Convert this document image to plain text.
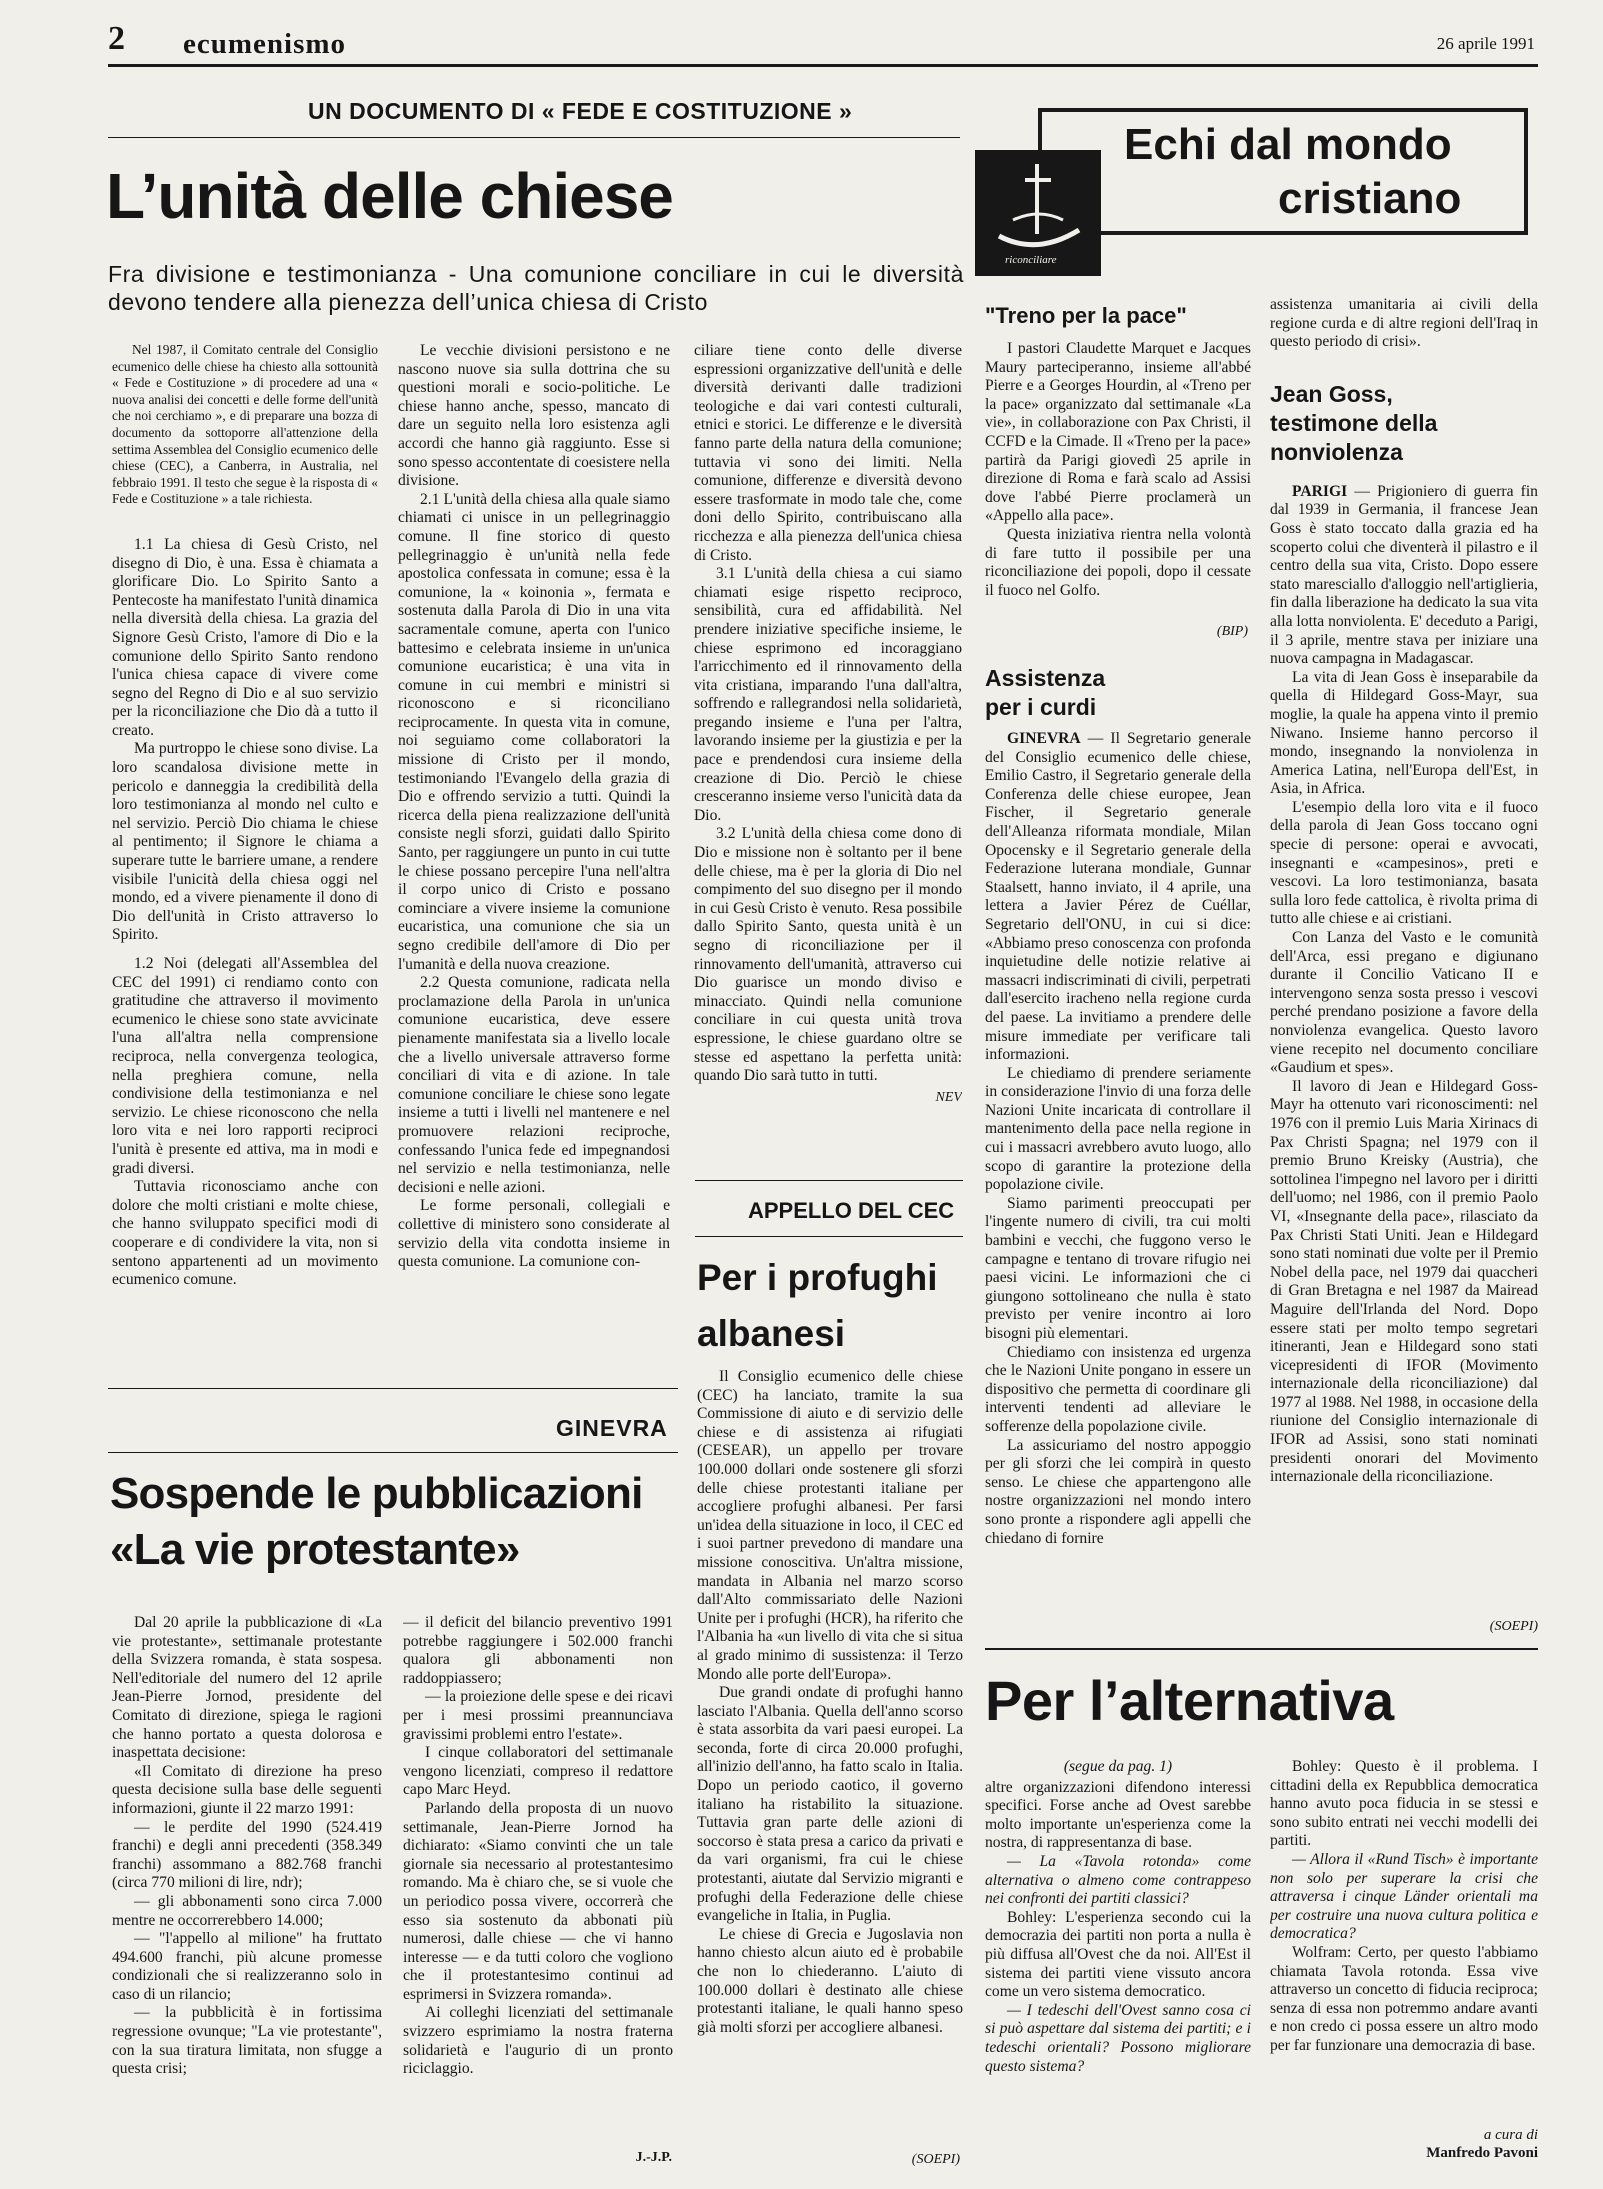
2 ecumenismo	26 aprile 1991
UN DOCUMENTO DI « FEDE E COSTITUZIONE »
L’unità delle chiese
Fra divisione e testimonianza - Una comunione conciliare in cui le diversità devono tendere alla pienezza dell’unica chiesa di Cristo

Nel 1987, il Comitato centrale del Consiglio ecumenico delle chiese ha chiesto alla sottounità « Fede e Costituzione » di procedere ad una « nuova analisi dei concetti e delle forme dell'unità che noi cerchiamo », e di preparare una bozza di documento da sottoporre all'attenzione della settima Assemblea del Consiglio ecumenico delle chiese (CEC), a Canberra, in Australia, nel febbraio 1991. Il testo che segue è la risposta di « Fede e Costituzione » a tale richiesta.

1.1 La chiesa di Gesù Cristo, nel disegno di Dio, è una. Essa è chiamata a glorificare Dio. Lo Spirito Santo a Pentecoste ha manifestato l'unità dinamica nella diversità della chiesa. La grazia del Signore Gesù Cristo, l'amore di Dio e la comunione dello Spirito Santo rendono l'unica chiesa capace di vivere come segno del Regno di Dio e al suo servizio per la riconciliazione che Dio dà a tutto il creato.

Ma purtroppo le chiese sono divise. La loro scandalosa divisione mette in pericolo e danneggia la credibilità della loro testimonianza al mondo nel culto e nel servizio. Perciò Dio chiama le chiese al pentimento; il Signore le chiama a superare tutte le barriere umane, a rendere visibile l'unicità della chiesa oggi nel mondo, ed a vivere pienamente il dono di Dio dell'unità in Cristo attraverso lo Spirito.

1.2 Noi (delegati all'Assemblea del CEC del 1991) ci rendiamo conto con gratitudine che attraverso il movimento ecumenico le chiese sono state avvicinate l'una all'altra nella comprensione reciproca, nella convergenza teologica, nella preghiera comune, nella condivisione della testimonianza e nel servizio. Le chiese riconoscono che nella loro vita e nei loro rapporti reciproci l'unità è presente ed attiva, ma in modi e gradi diversi.

Tuttavia riconosciamo anche con dolore che molti cristiani e molte chiese, che hanno sviluppato specifici modi di cooperare e di condividere la vita, non si sentono appartenenti ad un movimento ecumenico comune.

Le vecchie divisioni persistono e ne nascono nuove sia sulla dottrina che su questioni morali e socio-politiche. Le chiese hanno anche, spesso, mancato di dare un seguito nella loro esistenza agli accordi che hanno già raggiunto. Esse si sono spesso accontentate di coesistere nella divisione.

2.1 L'unità della chiesa alla quale siamo chiamati ci unisce in un pellegrinaggio comune. Il fine storico di questo pellegrinaggio è un'unità nella fede apostolica confessata in comune; essa è la comunione, la « koinonia », fermata e sostenuta dalla Parola di Dio in una vita sacramentale comune, aperta con l'unico battesimo e celebrata insieme in un'unica comunione eucaristica; è una vita in comune in cui membri e ministri si riconoscono e si riconciliano reciprocamente. In questa vita in comune, noi seguiamo come collaboratori la missione di Cristo per il mondo, testimoniando l'Evangelo della grazia di Dio e offrendo servizio a tutti. Quindi la ricerca della piena realizzazione dell'unità consiste negli sforzi, guidati dallo Spirito Santo, per raggiungere un punto in cui tutte le chiese possano percepire l'una nell'altra il corpo unico di Cristo e possano cominciare a vivere insieme la comunione eucaristica, una comunione che sia un segno credibile dell'amore di Dio per l'umanità e della nuova creazione.

2.2 Questa comunione, radicata nella proclamazione della Parola in un'unica comunione eucaristica, deve essere pienamente manifestata sia a livello locale che a livello universale attraverso forme conciliari di vita e di azione. In tale comunione conciliare le chiese sono legate insieme a tutti i livelli nel mantenere e nel promuovere relazioni reciproche, confessando l'unica fede ed impegnandosi nel servizio e nella testimonianza, nelle decisioni e nelle azioni.

Le forme personali, collegiali e collettive di ministero sono considerate al servizio della vita condotta insieme in questa comunione. La comunione con-

ciliare tiene conto delle diverse espressioni organizzative dell'unità e delle diversità derivanti dalle tradizioni teologiche e dai vari contesti culturali, etnici e storici. Le differenze e le diversità fanno parte della natura della comunione; tuttavia vi sono dei limiti. Nella comunione, differenze e diversità devono essere trasformate in modo tale che, come doni dello Spirito, contribuiscano alla ricchezza e alla pienezza dell'unica chiesa di Cristo.

3.1 L'unità della chiesa a cui siamo chiamati esige rispetto reciproco, sensibilità, cura ed affidabilità. Nel prendere iniziative specifiche insieme, le chiese esprimono ed incoraggiano l'arricchimento ed il rinnovamento della vita cristiana, imparando l'una dall'altra, soffrendo e rallegrandosi nella solidarietà, pregando insieme e l'una per l'altra, lavorando insieme per la giustizia e per la pace e prendendosi cura insieme della creazione di Dio. Perciò le chiese cresceranno insieme verso l'unicità data da Dio.

3.2 L'unità della chiesa come dono di Dio e missione non è soltanto per il bene delle chiese, ma è per la gloria di Dio nel compimento del suo disegno per il mondo in cui Gesù Cristo è venuto. Resa possibile dallo Spirito Santo, questa unità è un segno di riconciliazione per il rinnovamento dell'umanità, attraverso cui Dio guarisce un mondo diviso e minacciato. Quindi nella comunione conciliare in cui questa unità trova espressione, le chiese guardano oltre se stesse ed aspettano la perfetta unità: quando Dio sarà tutto in tutti.

NEV
GINEVRA
Sospende le pubblicazioni
«La vie protestante»

Dal 20 aprile la pubblicazione di «La vie protestante», settimanale protestante della Svizzera romanda, è stata sospesa. Nell'editoriale del numero del 12 aprile Jean-Pierre Jornod, presidente del Comitato di direzione, spiega le ragioni che hanno portato a questa dolorosa e inaspettata decisione:

«Il Comitato di direzione ha preso questa decisione sulla base delle seguenti informazioni, giunte il 22 marzo 1991:

— le perdite del 1990 (524.419 franchi) e degli anni precedenti (358.349 franchi) assommano a 882.768 franchi (circa 770 milioni di lire, ndr);

— gli abbonamenti sono circa 7.000 mentre ne occorrerebbero 14.000;

— "l'appello al milione" ha fruttato 494.600 franchi, più alcune promesse condizionali che si realizzeranno solo in caso di un rilancio;

— la pubblicità è in fortissima regressione ovunque; "La vie protestante", con la sua tiratura limitata, non sfugge a questa crisi;

— il deficit del bilancio preventivo 1991 potrebbe raggiungere i 502.000 franchi qualora gli abbonamenti non raddoppiassero;

— la proiezione delle spese e dei ricavi per i mesi prossimi preannunciava gravissimi problemi entro l'estate».

I cinque collaboratori del settimanale vengono licenziati, compreso il redattore capo Marc Heyd.

Parlando della proposta di un nuovo settimanale, Jean-Pierre Jornod ha dichiarato: «Siamo convinti che un tale giornale sia necessario al protestantesimo romando. Ma è chiaro che, se si vuole che un periodico possa vivere, occorrerà che esso sia sostenuto da abbonati più numerosi, dalle chiese — che vi hanno interesse — e da tutti coloro che vogliono che il protestantesimo continui ad esprimersi in Svizzera romanda».

Ai colleghi licenziati del settimanale svizzero esprimiamo la nostra fraterna solidarietà e l'augurio di un pronto riciclaggio.

J.-J.P.
APPELLO DEL CEC
Per i profughi
albanesi

Il Consiglio ecumenico delle chiese (CEC) ha lanciato, tramite la sua Commissione di aiuto e di servizio delle chiese e di assistenza ai rifugiati (CESEAR), un appello per trovare 100.000 dollari onde sostenere gli sforzi delle chiese protestanti italiane per accogliere profughi albanesi. Per farsi un'idea della situazione in loco, il CEC ed i suoi partner prevedono di mandare una missione conoscitiva. Un'altra missione, mandata in Albania nel marzo scorso dall'Alto commissariato delle Nazioni Unite per i profughi (HCR), ha riferito che l'Albania ha «un livello di vita che si situa al grado minimo di sussistenza: il Terzo Mondo alle porte dell'Europa».

Due grandi ondate di profughi hanno lasciato l'Albania. Quella dell'anno scorso è stata assorbita da vari paesi europei. La seconda, forte di circa 20.000 profughi, all'inizio dell'anno, ha fatto scalo in Italia. Dopo un periodo caotico, il governo italiano ha ristabilito la situazione. Tuttavia gran parte delle azioni di soccorso è stata presa a carico da privati e da vari organismi, fra cui le chiese protestanti, aiutate dal Servizio migranti e profughi della Federazione delle chiese evangeliche in Italia, in Puglia.

Le chiese di Grecia e Jugoslavia non hanno chiesto alcun aiuto ed è probabile che non lo chiederanno. L'aiuto di 100.000 dollari è destinato alle chiese protestanti italiane, le quali hanno speso già molti sforzi per accogliere albanesi.

(SOEPI)
riconciliare
Echi dal mondo
cristiano
"Treno per la pace"

I pastori Claudette Marquet e Jacques Maury parteciperanno, insieme all'abbé Pierre e a Georges Hourdin, al «Treno per la pace» organizzato dal settimanale «La vie», in collaborazione con Pax Christi, il CCFD e la Cimade. Il «Treno per la pace» partirà da Parigi giovedì 25 aprile in direzione di Roma e farà scalo ad Assisi dove l'abbé Pierre proclamerà un «Appello alla pace».

Questa iniziativa rientra nella volontà di fare tutto il possibile per una riconciliazione dei popoli, dopo il cessate il fuoco nel Golfo.

(BIP)
Assistenza
per i curdi

GINEVRA — Il Segretario generale del Consiglio ecumenico delle chiese, Emilio Castro, il Segretario generale della Conferenza delle chiese europee, Jean Fischer, il Segretario generale dell'Alleanza riformata mondiale, Milan Opocensky e il Segretario generale della Federazione luterana mondiale, Gunnar Staalsett, hanno inviato, il 4 aprile, una lettera a Javier Pérez de Cuéllar, Segretario dell'ONU, in cui si dice: «Abbiamo preso conoscenza con profonda inquietudine delle notizie relative ai massacri indiscriminati di civili, perpetrati dall'esercito iracheno nella regione curda del paese. La invitiamo a prendere delle misure immediate per verificare tali informazioni.

Le chiediamo di prendere seriamente in considerazione l'invio di una forza delle Nazioni Unite incaricata di controllare il mantenimento della pace nella regione in cui i massacri avrebbero avuto luogo, allo scopo di garantire la protezione della popolazione civile.

Siamo parimenti preoccupati per l'ingente numero di civili, tra cui molti bambini e vecchi, che fuggono verso le campagne e tentano di trovare rifugio nei paesi vicini. Le informazioni che ci giungono sottolineano che nulla è stato previsto per venire incontro ai loro bisogni più elementari.

Chiediamo con insistenza ed urgenza che le Nazioni Unite pongano in essere un dispositivo che permetta di coordinare gli interventi tendenti ad alleviare le sofferenze della popolazione civile.

La assicuriamo del nostro appoggio per gli sforzi che lei compirà in questo senso. Le chiese che appartengono alle nostre organizzazioni nel mondo intero sono pronte a rispondere agli appelli che chiedano di fornire

assistenza umanitaria ai civili della regione curda e di altre regioni dell'Iraq in questo periodo di crisi».

Jean Goss,
testimone della
nonviolenza

PARIGI — Prigioniero di guerra fin dal 1939 in Germania, il francese Jean Goss è stato toccato dalla grazia ed ha scoperto colui che diventerà il pilastro e il centro della sua vita, Cristo. Dopo essere stato maresciallo d'alloggio nell'artiglieria, fin dalla liberazione ha dedicato la sua vita alla lotta nonviolenta. E' deceduto a Parigi, il 3 aprile, mentre stava per iniziare una nuova campagna in Madagascar.

La vita di Jean Goss è inseparabile da quella di Hildegard Goss-Mayr, sua moglie, la quale ha appena vinto il premio Niwano. Insieme hanno percorso il mondo, insegnando la nonviolenza in America Latina, nell'Europa dell'Est, in Asia, in Africa.

L'esempio della loro vita e il fuoco della parola di Jean Goss toccano ogni specie di persone: operai e avvocati, insegnanti e «campesinos», preti e vescovi. La loro testimonianza, basata sulla loro fede cattolica, è rivolta prima di tutto alle chiese e ai cristiani.

Con Lanza del Vasto e le comunità dell'Arca, essi pregano e digiunano durante il Concilio Vaticano II e intervengono senza sosta presso i vescovi perché prendano posizione a favore della nonviolenza evangelica. Questo lavoro viene recepito nel documento conciliare «Gaudium et spes».

Il lavoro di Jean e Hildegard Goss-Mayr ha ottenuto vari riconoscimenti: nel 1976 con il premio Luis Maria Xirinacs di Pax Christi Spagna; nel 1979 con il premio Bruno Kreisky (Austria), che sottolinea l'impegno nel lavoro per i diritti dell'uomo; nel 1986, con il premio Paolo VI, «Insegnante della pace», rilasciato da Pax Christi Stati Uniti. Jean e Hildegard sono stati nominati due volte per il Premio Nobel della pace, nel 1979 dai quaccheri di Gran Bretagna e nel 1987 da Mairead Maguire dell'Irlanda del Nord. Dopo essere stati per molto tempo segretari itineranti, Jean e Hildegard sono stati vicepresidenti di IFOR (Movimento internazionale della riconciliazione) dal 1977 al 1988. Nel 1988, in occasione della riunione del Consiglio internazionale di IFOR ad Assisi, sono stati nominati presidenti onorari del Movimento internazionale della riconciliazione.

(SOEPI)
Per l’alternativa
(segue da pag. 1)

altre organizzazioni difendono interessi specifici. Forse anche ad Ovest sarebbe molto importante un'esperienza come la nostra, di rappresentanza di base.

— La «Tavola rotonda» come alternativa o almeno come contrappeso nei confronti dei partiti classici?

Bohley: L'esperienza secondo cui la democrazia dei partiti non porta a nulla è più diffusa all'Ovest che da noi. All'Est il sistema dei partiti viene vissuto ancora come un vero sistema democratico.

— I tedeschi dell'Ovest sanno cosa ci si può aspettare dal sistema dei partiti; e i tedeschi orientali? Possono migliorare questo sistema?

Bohley: Questo è il problema. I cittadini della ex Repubblica democratica hanno avuto poca fiducia in se stessi e sono subito entrati nei vecchi modelli dei partiti.

— Allora il «Rund Tisch» è importante non solo per superare la crisi che attraversa i cinque Länder orientali ma per costruire una nuova cultura politica e democratica?

Wolfram: Certo, per questo l'abbiamo chiamata Tavola rotonda. Essa vive attraverso un concetto di fiducia reciproca; senza di essa non potremmo andare avanti e non credo ci possa essere un altro modo per far funzionare una democrazia di base.

a cura di
Manfredo Pavoni
